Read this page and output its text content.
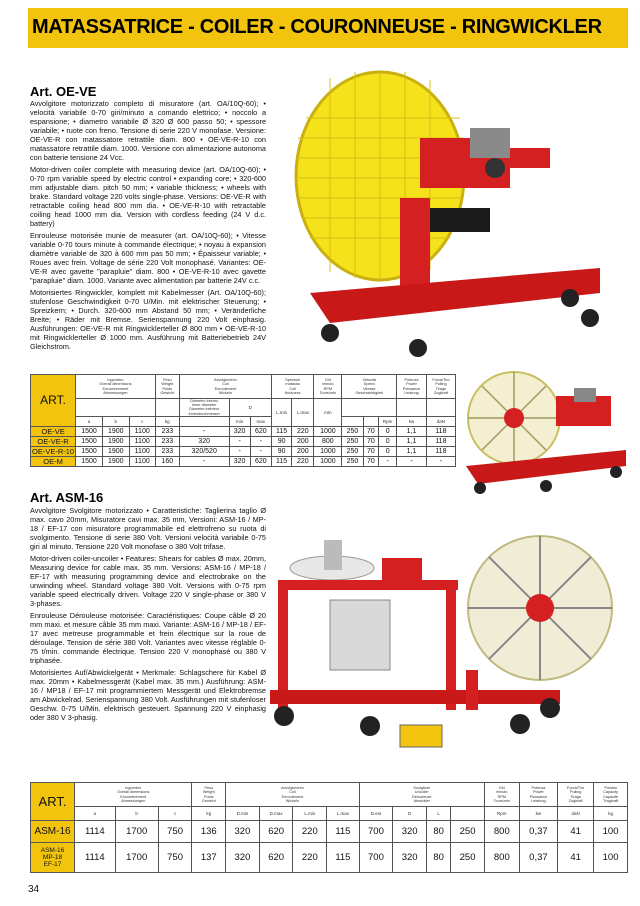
MATASSATRICE - COILER - COURONNEUSE - RINGWICKLER
Art. OE-VE

Avvolgitore motorizzato completo di misuratore (art. OA/10Q-60); • velocità variabile 0-70 giri/minuto a comando elettrico; • noccolo a espansione; • diametro variabile Ø 320 Ø 600 passo 50; • spessore variabile; • ruote con freno. Tensione di serie 220 V monofase. Versione: OE-VE-R con matassatore retrattile diam. 800 • OE-VE-R-10 con matassatore retrattile diam. 1000. Versione con alimentazione autonoma con batterie tensione 24 Vcc.

Motor-driven coiler complete with measuring device (art. OA/10Q-60); • 0-70 rpm variable speed by electric control • expanding core; • 320-600 mm adjustable diam. pitch 50 mm; • variable thickness; • wheels with brake. Standard voltage 220 volts single-phase. Versions: OE-VE-R with retractable coiling head 800 mm dia. • OE-VE-R-10 with retractable coiling head 1000 mm dia. Version with cordless feeding (24 V d.c. battery)

Enrouleuse motorisée munie de measurer (art. OA/10Q-60); • Vitesse variable 0-70 tours minute à commande électrique; • noyau à expansion diamètre variable de 320 à 600 mm pas 50 mm; • Épaisseur variable; • Roues avec frein. Voltage de série 220 Volt monophasé. Variantes: OE-VE-R avec gavette "parapluie" diam. 800 • OE-VE-R-10 avec gavette "parapluie" diam. 1000. Variante avec alimentation par batterie 24V c.c.

Motorisiertes Ringwickler, komplett mit Kabelmesser (Art. OA/10Q-60); stufenlose Geschwindigkeit 0-70 U/Min. mit elektrischer Steuerung; • Spreizkern; • Durch. 320-600 mm Abstand 50 mm; • Veränderliche Breite; • Räder mit Bremse. Serienspannung 220 Volt einphasig. Ausführungen: OE-VE-R mit Ringwicklerteller Ø 800 mm • OE-VE-R-10 mit Ringwicklerteller Ø 1000 mm. Ausführung mit Batteriebetrieb 24V Gleichstrom.

ART.	Ingombro
Overall dimensions
Encombrement
Abmessungen			Peso
Weight
Poids
Gewicht	Avvolgimento
Coil
Enroulement
Wickeln			Spessori
matassa
Coil
thickness		Giri
minuto
RPM
Tours/min	Velocità
Speed
Vitesse
Geschwindigkeit			Potenza
Power
Puissance
Leistung	Forza/Tiro
Pulling
Tirage
Zugkraft
					Diametro interno
Inner diameter
Diamètre intérieur
Innendurchmesser	D		L.min	L.max	mm					
	a	b	c	kg		min	max						Rpm	kw	daN
OE-VE	1500	1900	1100	233	-	320	620	115	220	1000	250	70	0	1,1	118
OE-VE-R	1500	1900	1100	233	320	-	-	90	200	800	250	70	0	1,1	118
OE-VE-R-10	1500	1900	1100	233	320/520	-	-	90	200	1000	250	70	0	1,1	118
OE-M	1500	1900	1100	160	-	320	620	115	220	1000	250	70	-	-	-
Art. ASM-16

Avvolgitore Svolgitore motorizzato • Caratteristiche: Taglierina taglio Ø max. cavo 20mm, Misuratore cavi max. 35 mm, Versioni: ASM-16 / MP-18 / EF-17 con misuratore programmabile ed elettrofreno su ruota di svolgimento. Tensione di serie 380 Volt. Versioni velocità variabile 0-75 giri al minuto. Tensione 220 Volt monofase o 380 Volt trifase.

Motor-driven coiler-uncoiler • Features: Shears for cables Ø max. 20mm, Measuring device for cable max. 35 mm. Versions: ASM-16 / MP-18 / EF-17 with measuring programming device and electrobrake on the unwinding wheel. Standard voltage 380 Volt. Versions with 0-75 rpm variable speed electrically driven. Voltage 220 V single-phase or 380 V 3-phases.

Enrouleuse Dérouleuse motorisée: Caractéristiques: Coupe câble Ø 20 mm maxi. et mesure câble 35 mm maxi. Variante: ASM-16 / MP-18 / EF-17 avec metreuse programmable et frein électrique sur la roue de déroulage. Tension de série 380 Volt. Variantes avec vitesse réglable 0-75 t/min. commande électrique. Tension 220 V monophasé ou 380 V triphasée.

Motorisiertes Auf/Abwickelgerät • Merkmale: Schlagschere für Kabel Ø max. 20mm • Kabelmessgerät (Kabel max. 35 mm.) Ausführung: ASM-16 / MP18 / EF-17 mit programmiertem Messgerät und Elektrobremse am Abwickelrad. Serienspannung 380 Volt. Ausführungen mit stufenloser Geschw. 0-75 U/Min. elektrisch gesteuert. Spannung 220 V einphasig oder 380 V 3-phasig.

ART.	Ingombro
Overall dimensions
Encombrement
Abmessungen			Peso
Weight
Poids
Gewicht	Avvolgimento
Coil
Enroulement
Wickeln				Svolgitore
Uncoiler
Dérouleuse
Abwickler				Giri
minuto
RPM
Tours/min	Potenza
Power
Puissance
Leistung	Forza/Tiro
Pulling
Tirage
Zugkraft	Portata
Capacity
Capacité
Tragkraft
	a	b	c	kg	D.min	D.max	L.min	L.max	D.ext	D	L		Rpm	kw	daN	kg
ASM-16	1114	1700	750	136	320	620	220	115	700	320	80	250	800	0,37	41	100
ASM-16
MP-18
EF-17	1114	1700	750	137	320	620	220	115	700	320	80	250	800	0,37	41	100
34
